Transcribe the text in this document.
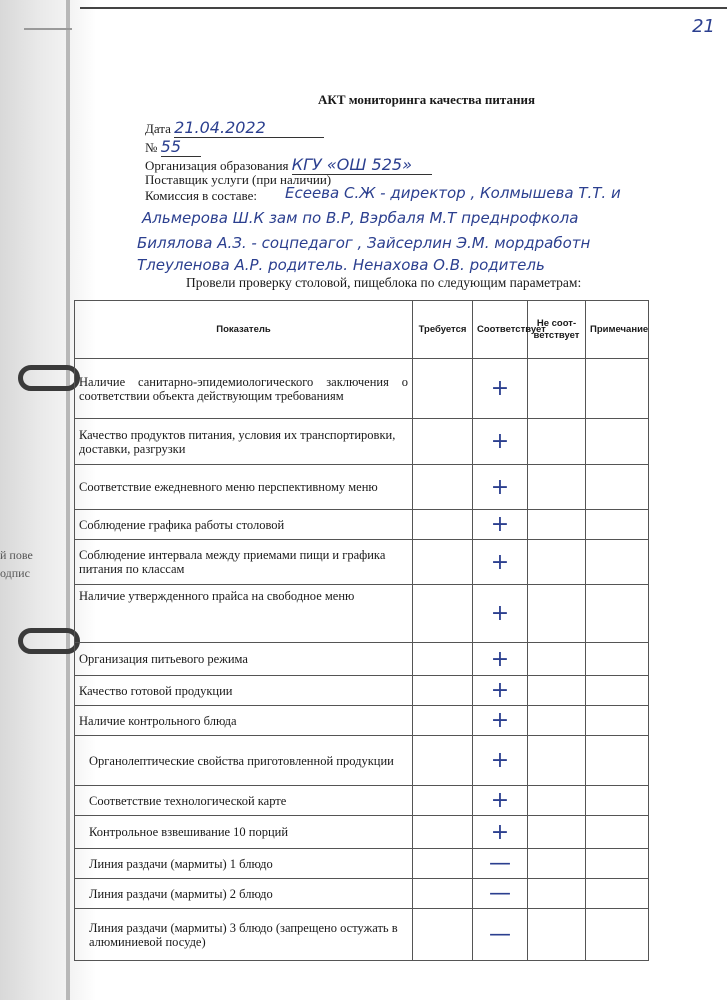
й пове
одпис
21
АКТ мониторинга качества питания
Дата 21.04.2022
№ 55
Организация образования КГУ «ОШ 525»
Поставщик услуги (при наличии)
Комиссия в составе: Есеева С.Ж - директор , Колмышева Т.Т. и
Альмерова Ш.К зам по В.Р, Вэрбаля М.Т преднрофкола
Билялова А.З. - соцпедагог , Зайсерлин Э.М. мордработн
Тлеуленова А.Р. родитель. Ненахова О.В. родитель
Провели проверку столовой, пищеблока по следующим параметрам:
Показатель	Требуется	Соответствует	Не соот-ветствует	Примечание
Наличие санитарно-эпидемиологического заключения о соответствии объекта действующим требованиям		+		
Качество продуктов питания, условия их транспортировки, доставки, разгрузки		+		
Соответствие ежедневного меню перспективному меню		+		
Соблюдение графика работы столовой		+		
Соблюдение интервала между приемами пищи и графика питания по классам		+		
Наличие утвержденного прайса на свободное меню		+		
Организация питьевого режима		+		
Качество готовой продукции		+		
Наличие контрольного блюда		+		
Органолептические свойства приготовленной продукции		+		
Соответствие технологической карте		+		
Контрольное взвешивание 10 порций		+		
Линия раздачи (мармиты) 1 блюдо		—		
Линия раздачи (мармиты) 2 блюдо		—		
Линия раздачи (мармиты) 3 блюдо (запрещено остужать в алюминиевой посуде)		—		
